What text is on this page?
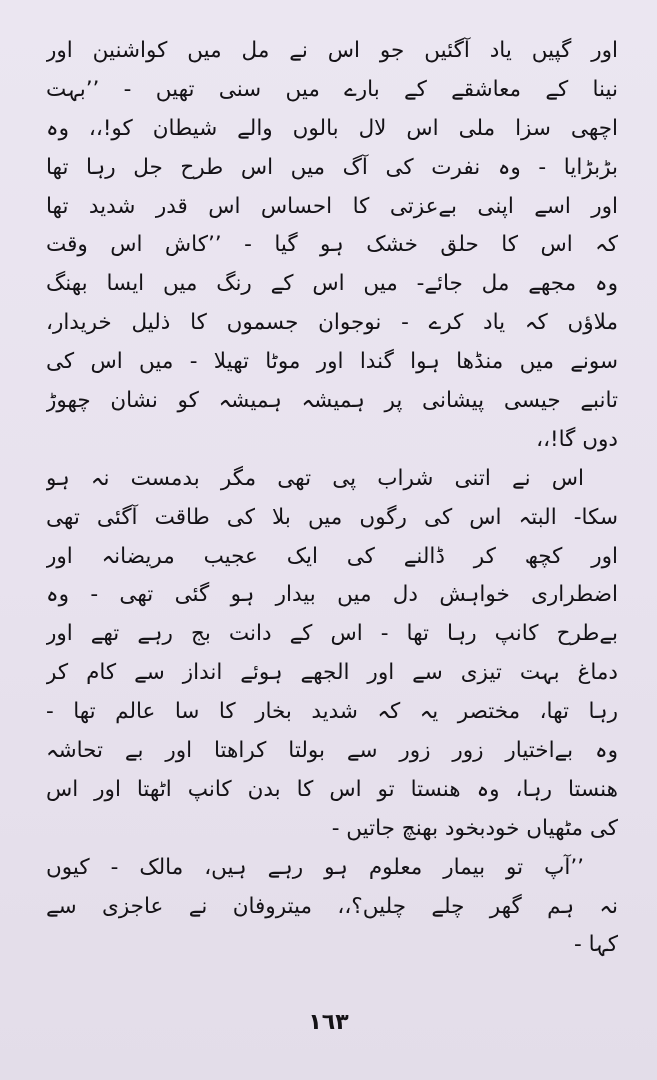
اور گپیں یاد آگئیں جو اس نے مل میں کواشنین اور
نینا کے معاشقے کے بارے میں سنی تھیں - ’’بہت
اچھی سزا ملی اس لال بالوں والے شیطان کو!،، وہ
بڑبڑایا - وہ نفرت کی آگ میں اس طرح جل رہا تھا
اور اسے اپنی بےعزتی کا احساس اس قدر شدید تھا
کہ اس کا حلق خشک ہو گیا - ’’کاش اس وقت
وہ مجھے مل جائے- میں اس کے رنگ میں ایسا بھنگ
ملاؤں کہ یاد کرے - نوجوان جسموں کا ذلیل خریدار،
سونے میں منڈھا ہوا گندا اور موٹا تھیلا - میں اس کی
تانبے جیسی پیشانی پر ہمیشہ ہمیشہ کو نشان چھوڑ
دوں گا!،،
اس نے اتنی شراب پی تھی مگر بدمست نہ ہو
سکا- البتہ اس کی رگوں میں بلا کی طاقت آگئی تھی
اور کچھ کر ڈالنے کی ایک عجیب مریضانہ اور
اضطراری خواہش دل میں بیدار ہو گئی تھی - وہ
بےطرح کانپ رہا تھا - اس کے دانت بج رہے تھے اور
دماغ بہت تیزی سے اور الجھے ہوئے انداز سے کام کر
رہا تھا، مختصر یہ کہ شدید بخار کا سا عالم تھا -
وہ بےاختیار زور زور سے بولتا کراھتا اور بے تحاشہ
ھنستا رہا، وہ ھنستا تو اس کا بدن کانپ اٹھتا اور اس
کی مٹھیاں خودبخود بھنچ جاتیں -
’’آپ تو بیمار معلوم ہو رہے ہیں، مالک - کیوں
نہ ہم گھر چلے چلیں؟،، میتروفان نے عاجزی سے
کہا -
١٦٣
